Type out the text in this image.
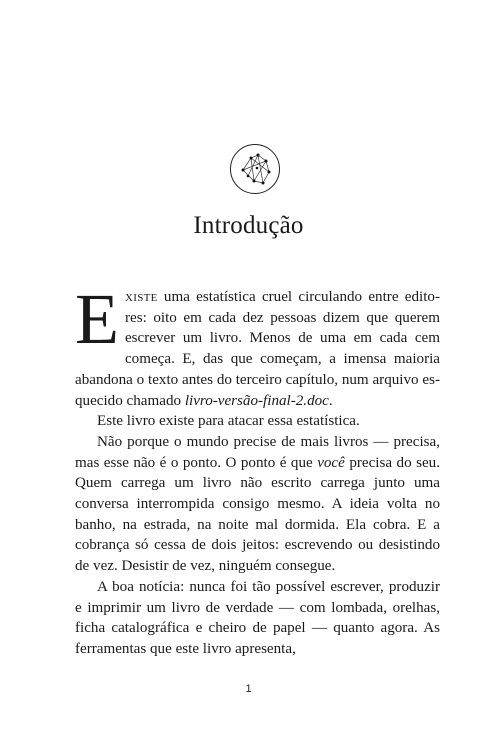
Introdução

Existe uma estatística cruel circulando entre editores: oito em cada dez pessoas dizem que querem escrever um livro. Menos de uma em cada cem começa. E, das que começam, a imensa maioria abandona o texto antes do terceiro capítulo, num arquivo esquecido chamado livro-versão-final-2.doc.

Este livro existe para atacar essa estatística.

Não porque o mundo precise de mais livros — precisa, mas esse não é o ponto. O ponto é que você precisa do seu. Quem carrega um livro não escrito carrega junto uma conversa interrompida consigo mesmo. A ideia volta no banho, na estrada, na noite mal dormida. Ela cobra. E a cobrança só cessa de dois jeitos: escrevendo ou desistindo de vez. Desistir de vez, ninguém consegue.

A boa notícia: nunca foi tão possível escrever, produzir e imprimir um livro de verdade — com lombada, orelhas, ficha catalográfica e cheiro de papel — quanto agora. As ferramentas que este livro apresenta,

1
